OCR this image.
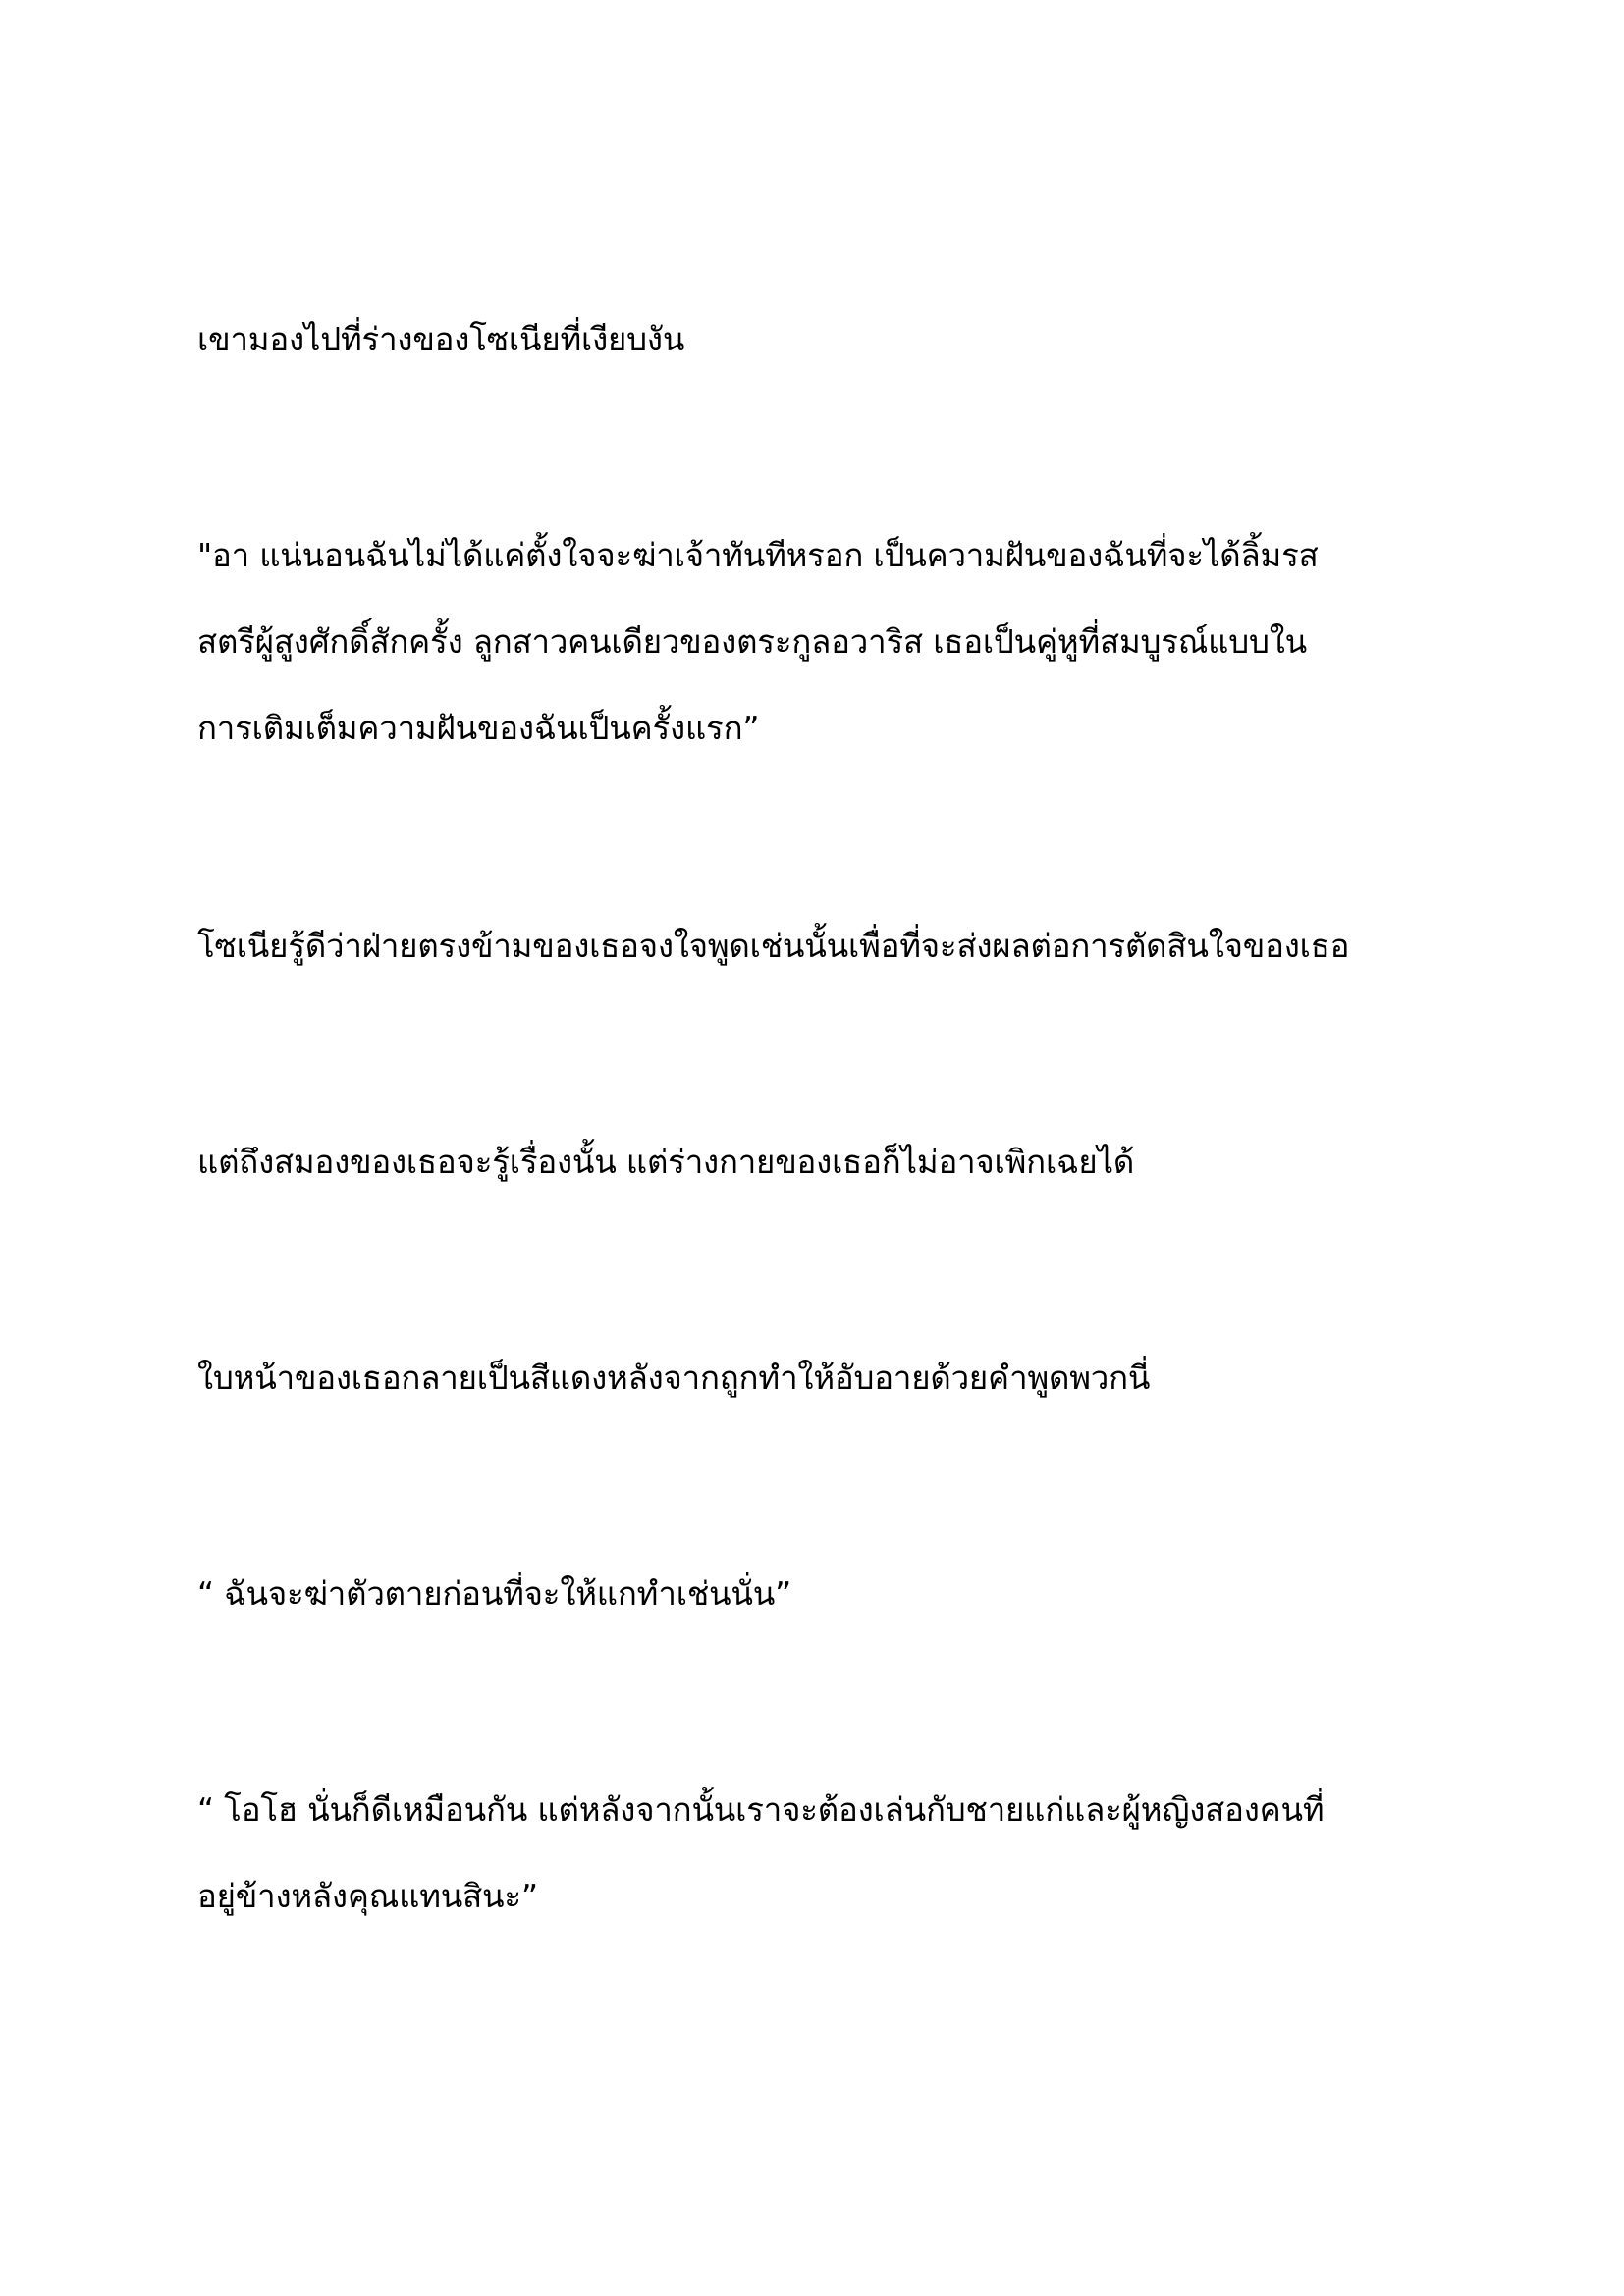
เขามองไปที่ร่างของโซเนียที่เงียบงัน

"อา แน่นอนฉันไม่ได้แค่ตั้งใจจะฆ่าเจ้าทันทีหรอก เป็นความฝันของฉันที่จะได้ลิ้มรส

สตรีผู้สูงศักดิ์สักครั้ง ลูกสาวคนเดียวของตระกูลอวาริส เธอเป็นคู่หูที่สมบูรณ์แบบใน

การเติมเต็มความฝันของฉันเป็นครั้งแรก”

โซเนียรู้ดีว่าฝ่ายตรงข้ามของเธอจงใจพูดเช่นนั้นเพื่อที่จะส่งผลต่อการตัดสินใจของเธอ

แต่ถึงสมองของเธอจะรู้เรื่องนั้น แต่ร่างกายของเธอก็ไม่อาจเพิกเฉยได้

ใบหน้าของเธอกลายเป็นสีแดงหลังจากถูกทำให้อับอายด้วยคำพูดพวกนี่

“ ฉันจะฆ่าตัวตายก่อนที่จะให้แกทำเช่นนั่น”

“ โอโฮ นั่นก็ดีเหมือนกัน แต่หลังจากนั้นเราจะต้องเล่นกับชายแก่และผู้หญิงสองคนที่

อยู่ข้างหลังคุณแทนสินะ”
